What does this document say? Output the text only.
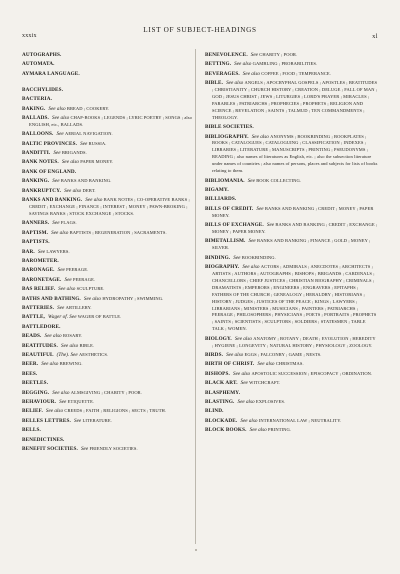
xxxix
LIST OF SUBJECT-HEADINGS
xl
AUTOGRAPHS.
AUTOMATA.
AYMARA LANGUAGE.
BACCHYLIDES.
BACTERIA.
BAKING. See also BREAD ; COOKERY.
BALLADS. See also CHAP-BOOKS ; LEGENDS ; LYRIC POETRY ; SONGS ; also ENGLISH, etc., BALLADS.
BALLOONS. See AERIAL NAVIGATION.
BALTIC PROVINCES. See RUSSIA.
BANDITTI. See BRIGANDS.
BANK NOTES. See also PAPER MONEY.
BANK OF ENGLAND.
BANKING. See BANKS AND BANKING.
BANKRUPTCY. See also DEBT.
BANKS AND BANKING. See also BANK NOTES ; CO-OPERATIVE BANKS ; CREDIT ; EXCHANGE ; FINANCE ; INTEREST ; MONEY ; PAWN-BROKING ; SAVINGS BANKS ; STOCK EXCHANGE ; STOCKS.
BANNERS. See FLAGS.
BAPTISM. See also BAPTISTS ; REGENERATION ; SACRAMENTS.
BAPTISTS.
BAR. See LAWYERS.
BAROMETER.
BARONAGE. See PEERAGE.
BARONETAGE. See PEERAGE.
BAS RELIEF. See also SCULPTURE.
BATHS AND BATHING. See also HYDROPATHY ; SWIMMING.
BATTERIES. See ARTILLERY.
BATTLE, Wager of. See WAGER OF BATTLE.
BATTLEDORE.
BEADS. See also ROSARY.
BEATITUDES. See also BIBLE.
BEAUTIFUL (The). See AESTHETICS.
BEER. See also BREWING.
BEES.
BEETLES.
BEGGING. See also ALMSGIVING ; CHARITY ; POOR.
BEHAVIOUR. See ETIQUETTE.
BELIEF. See also CREEDS ; FAITH ; RELIGIONS ; SECTS ; TRUTH.
BELLES LETTRES. See LITERATURE.
BELLS.
BENEDICTINES.
BENEFIT SOCIETIES. See FRIENDLY SOCIETIES.
BENEVOLENCE. See CHARITY ; POOR.
BETTING. See also GAMBLING ; PROBABILITIES.
BEVERAGES. See also COFFEE ; FOOD ; TEMPERANCE.
BIBLE. See also ANGELS ; APOCRYPHAL GOSPELS ; APOSTLES ; BEATITUDES ; CHRISTIANITY ; CHURCH HISTORY ; CREATION ; DELUGE ; FALL OF MAN ; GOD ; JESUS CHRIST ; JEWS ; LITURGIES ; LORD'S PRAYER ; MIRACLES ; PARABLES ; PATRIARCHS ; PROPHECIES ; PROPHETS ; RELIGION AND SCIENCE ; REVELATION ; SAINTS ; TALMUD ; TEN COMMANDMENTS ; THEOLOGY.
BIBLE SOCIETIES.
BIBLIOGRAPHY. See also ANONYMS ; BOOKBINDING ; BOOKPLATES ; BOOKS ; CATALOGUES ; CATALOGUING ; CLASSIFICATION ; INDEXES ; LIBRARIES ; LITERATURE ; MANUSCRIPTS ; PRINTING ; PSEUDONYMS ; READING ; also names of literatures as English, etc. ; also the subsection literature under names of countries ; also names of persons, places and subjects for lists of books relating to them.
BIBLIOMANIA. See BOOK COLLECTING.
BIGAMY.
BILLIARDS.
BILLS OF CREDIT. See BANKS AND BANKING ; CREDIT ; MONEY ; PAPER MONEY.
BILLS OF EXCHANGE. See BANKS AND BANKING ; CREDIT ; EXCHANGE ; MONEY ; PAPER MONEY.
BIMETALLISM. See BANKS AND BANKING ; FINANCE ; GOLD ; MONEY ; SILVER.
BINDING. See BOOKBINDING.
BIOGRAPHY. See also ACTORS ; ADMIRALS ; ANECDOTES ; ARCHITECTS ; ARTISTS ; AUTHORS ; AUTOGRAPHS ; BISHOPS ; BRIGANDS ; CARDINALS ; CHANCELLORS ; CHIEF JUSTICES ; CHRISTIAN BIOGRAPHY ; CRIMINALS ; DRAMATISTS ; EMPERORS ; ENGINEERS ; ENGRAVERS ; EPITAPHS ; FATHERS OF THE CHURCH ; GENEALOGY ; HERALDRY ; HISTORIANS ; HISTORY ; JUDGES ; JUSTICES OF THE PEACE ; KINGS ; LAWYERS ; LIBRARIANS ; MINISTERS ; MUSICIANS ; PAINTERS ; PATRIARCHS ; PEERAGE ; PHILOSOPHERS ; PHYSICIANS ; POETS ; PORTRAITS ; PROPHETS ; SAINTS ; SCIENTISTS ; SCULPTORS ; SOLDIERS ; STATESMEN ; TABLE TALK ; WOMEN.
BIOLOGY. See also ANATOMY ; BOTANY ; DEATH ; EVOLUTION ; HEREDITY ; HYGIENE ; LONGEVITY ; NATURAL HISTORY ; PHYSIOLOGY ; ZOOLOGY.
BIRDS. See also EGGS ; FALCONRY ; GAME ; NESTS.
BIRTH OF CHRIST. See also CHRISTMAS.
BISHOPS. See also APOSTOLIC SUCCESSION ; EPISCOPACY ; ORDINATION.
BLACK ART. See WITCHCRAFT.
BLASPHEMY.
BLASTING. See also EXPLOSIVES.
BLIND.
BLOCKADE. See also INTERNATIONAL LAW ; NEUTRALITY.
BLOCK BOOKS. See also PRINTING.
